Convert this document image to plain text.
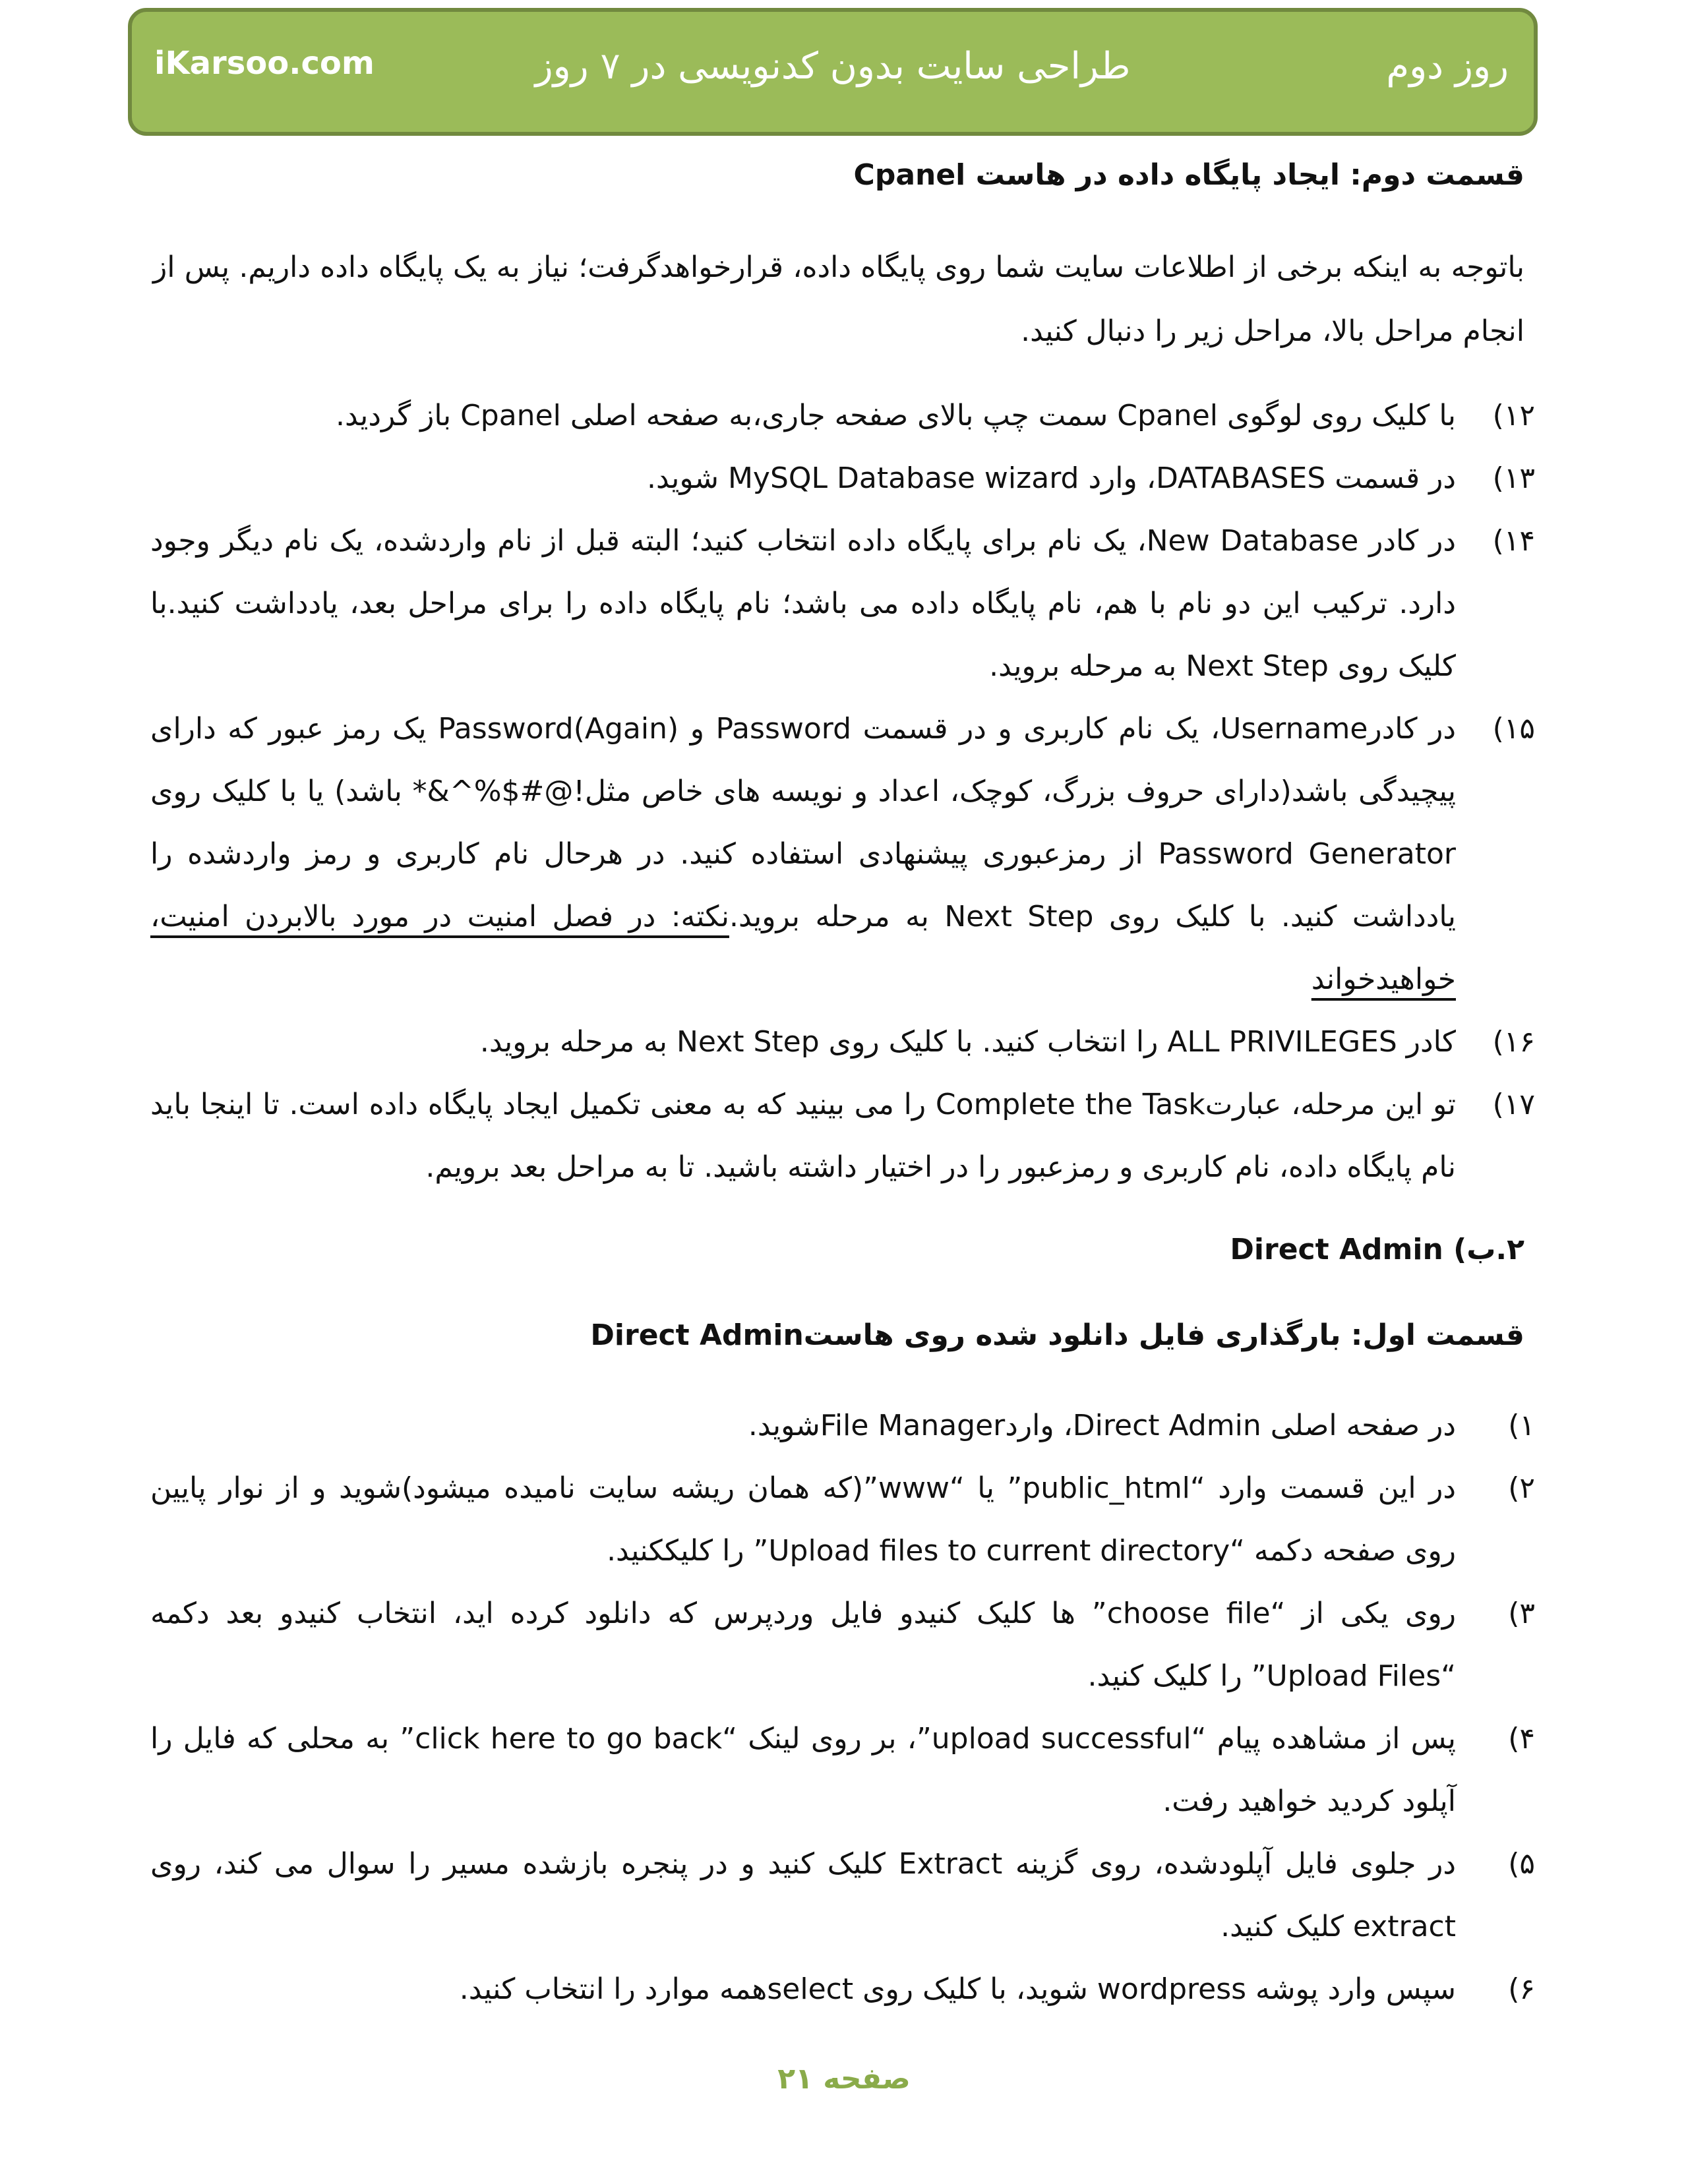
iKarsoo.com	طراحی سایت بدون کدنویسی در ۷ روز	روز دوم
قسمت دوم: ایجاد پایگاه داده در هاست Cpanel
باتوجه به اینکه برخی از اطلاعات سایت شما روی پایگاه داده، قرارخواهدگرفت؛ نیاز به یک پایگاه داده داریم. پس از انجام مراحل بالا، مراحل زیر را دنبال کنید.
۱۲)
با کلیک روی لوگوی Cpanel سمت چپ بالای صفحه جاری،به صفحه اصلی Cpanel باز گردید.
۱۳)
در قسمت DATABASES، وارد MySQL Database wizard شوید.
۱۴)
در کادر New Database، یک نام برای پایگاه داده انتخاب کنید؛ البته قبل از نام واردشده، یک نام دیگر وجود دارد. ترکیب این دو نام با هم، نام پایگاه داده می باشد؛ نام پایگاه داده را برای مراحل بعد، یادداشت کنید.با کلیک روی Next Step به مرحله بروید.
۱۵)
در کادرUsername، یک نام کاربری و در قسمت Password و Password(Again) یک رمز عبور که دارای پیچیدگی باشد(دارای حروف بزرگ، کوچک، اعداد و نویسه های خاص مثل!@#$%^&* باشد) یا با کلیک روی Password Generator از رمزعبوری پیشنهادی استفاده کنید. در هرحال نام کاربری و رمز واردشده را یادداشت کنید. با کلیک روی Next Step به مرحله بروید.نکته: در فصل امنیت در مورد بالابردن امنیت، خواهیدخواند
۱۶)
کادر ALL PRIVILEGES را انتخاب کنید. با کلیک روی Next Step به مرحله بروید.
۱۷)
تو این مرحله، عبارتComplete the Task را می بینید که به معنی تکمیل ایجاد پایگاه داده است. تا اینجا باید نام پایگاه داده، نام کاربری و رمزعبور را در اختیار داشته باشید. تا به مراحل بعد برویم.
۲.ب) Direct Admin
قسمت اول: بارگذاری فایل دانلود شده روی هاستDirect Admin
۱)
در صفحه اصلی Direct Admin، واردFile Managerشوید.
۲)
در این قسمت وارد “public_html” یا “www”(که همان ریشه سایت نامیده میشود)شوید و از نوار پایین روی صفحه دکمه “Upload files to current directory” را کلیککنید.
۳)
روی یکی از “choose file” ها کلیک کنیدو فایل وردپرس که دانلود کرده اید، انتخاب کنیدو بعد دکمه “Upload Files” را کلیک کنید.
۴)
پس از مشاهده پیام “upload successful”، بر روی لینک “click here to go back” به محلی که فایل را آپلود کردید خواهید رفت.
۵)
در جلوی فایل آپلودشده، روی گزینه Extract کلیک کنید و در پنجره بازشده مسیر را سوال می کند، روی extract کلیک کنید.
۶)
سپس وارد پوشه wordpress شوید، با کلیک روی selectهمه موارد را انتخاب کنید.
صفحه ۲۱
